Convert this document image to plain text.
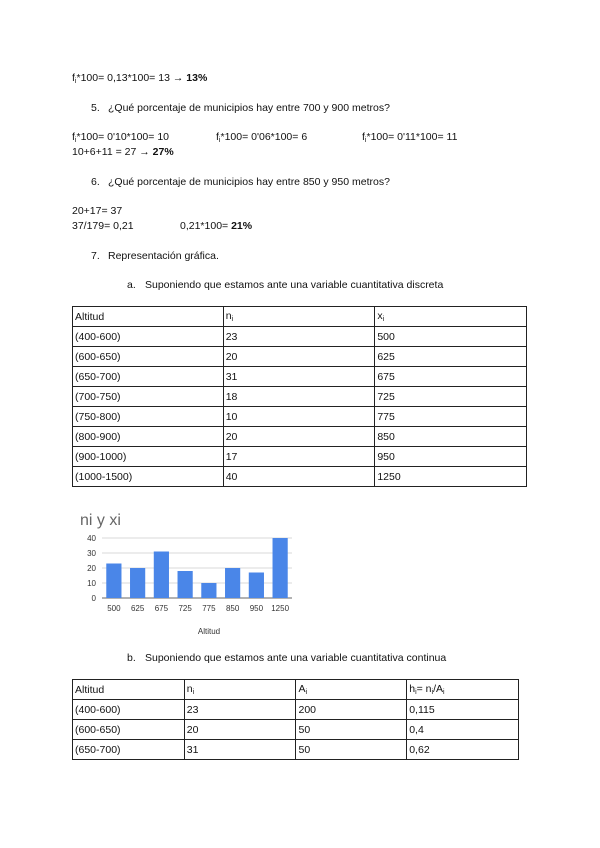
$f_i*100= 0,13*100= 13 \to 13\%$
5. ¿Qué porcentaje de municipios hay entre 700 y 900 metros?
$f_i*100= 0'10*100= 10$	$f_i*100= 0'06*100= 6$	$f_i*100= 0'11*100= 11$
10+6+11 = 27 → 27%
6. ¿Qué porcentaje de municipios hay entre 850 y 950 metros?
20+17= 37
37/179= 0,21	0,21*100= 21%
7. Representación gráfica.
a. Suponiendo que estamos ante una variable cuantitativa discreta
Altitud	$n_i$	$x_i$
(400-600)	23	500
(600-650)	20	625
(650-700)	31	675
(700-750)	18	725
(750-800)	10	775
(800-900)	20	850
(900-1000)	17	950
(1000-1500)	40	1250
ni y xi
0
10
20
30
40
500 625 675 725 775 850 950 1250
Altitud
b. Suponiendo que estamos ante una variable cuantitativa continua
Altitud	$n_i$	$A_i$	$h_i= n_i/A_i$
(400-600)	23	200	0,115
(600-650)	20	50	0,4
(650-700)	31	50	0,62
